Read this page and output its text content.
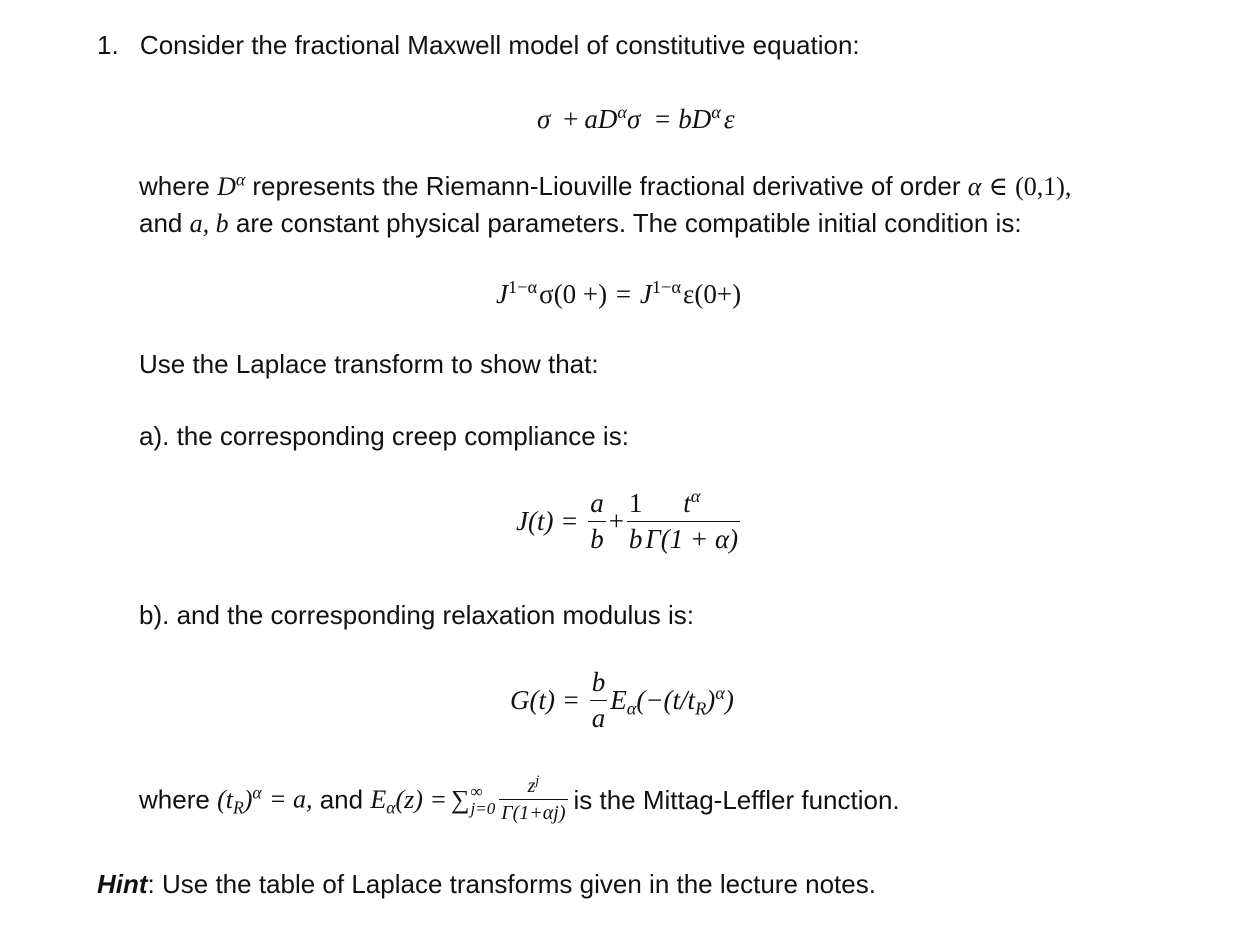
1. Consider the fractional Maxwell model of constitutive equation:
$\sigma + aD^\alpha\sigma = bD^\alpha$ ε
where $D^\alpha$ represents the Riemann-Liouville fractional derivative of order α ∈ (0,1),
and a, b are constant physical parameters. The compatible initial condition is:
$J^{1-\alpha}\sigma(0$ +) = $J^{1-\alpha}\varepsilon(0+)$
Use the Laplace transform to show that:
a). the corresponding creep compliance is:
$J(t) = \frac{a}{b} + \frac{1}{b} \frac{t^\alpha}{\Gamma(1 + \alpha)}$
b). and the corresponding relaxation modulus is:
$G(t) = \frac{b}{a} E_\alpha(-(t/t_R)^\alpha)$
where $(t_R)^\alpha = a$, and $E_\alpha(z)$ = ∑ ∞
$j=0 \frac{z^j}{\Gamma(1+\alpha j)}$ is the Mittag-Leffler function.
Hint: Use the table of Laplace transforms given in the lecture notes.
